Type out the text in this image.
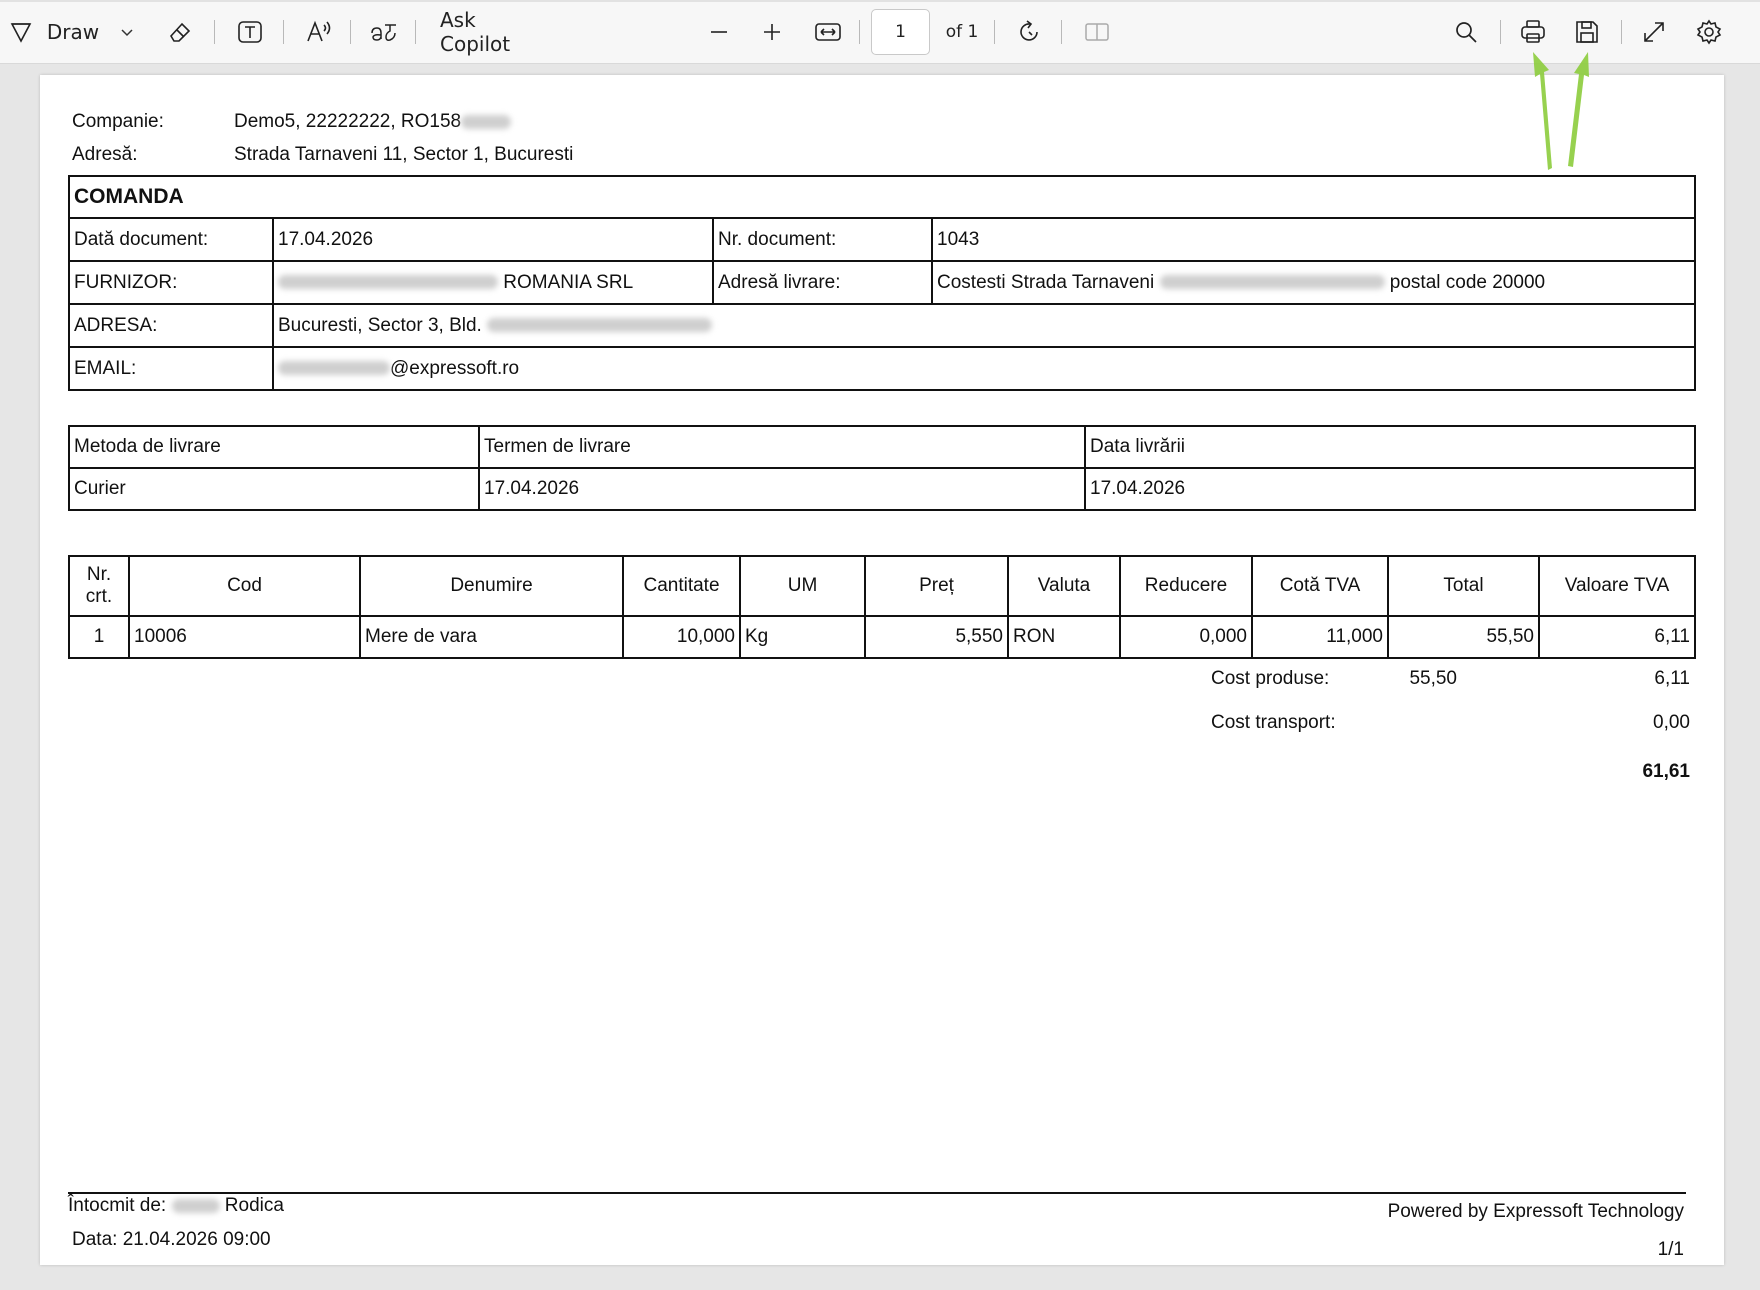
Draw	Ask Copilot	1	of 1
Companie:	Demo5, 22222222, RO158
Adresă:	Strada Tarnaveni 11, Sector 1, Bucuresti
COMANDA			
Dată document:	17.04.2026	Nr. document:	1043
FURNIZOR:	ROMANIA SRL	Adresă livrare:	Costesti Strada Tarnaveni postal code 20000
ADRESA:	Bucuresti, Sector 3, Bld.		
EMAIL:	@expressoft.ro		
Metoda de livrare	Termen de livrare	Data livrării
Curier	17.04.2026	17.04.2026
Nr. crt.	Cod	Denumire	Cantitate	UM	Preț	Valuta	Reducere	Cotă TVA	Total	Valoare TVA
1	10006	Mere de vara	10,000	Kg	5,550	RON	0,000	11,000	55,50	6,11
Cost produse:	55,50	6,11
Cost transport:	0,00
61,61
Întocmit de:	Rodica
Data: 21.04.2026 09:00
Powered by Expressoft Technology
1/1
